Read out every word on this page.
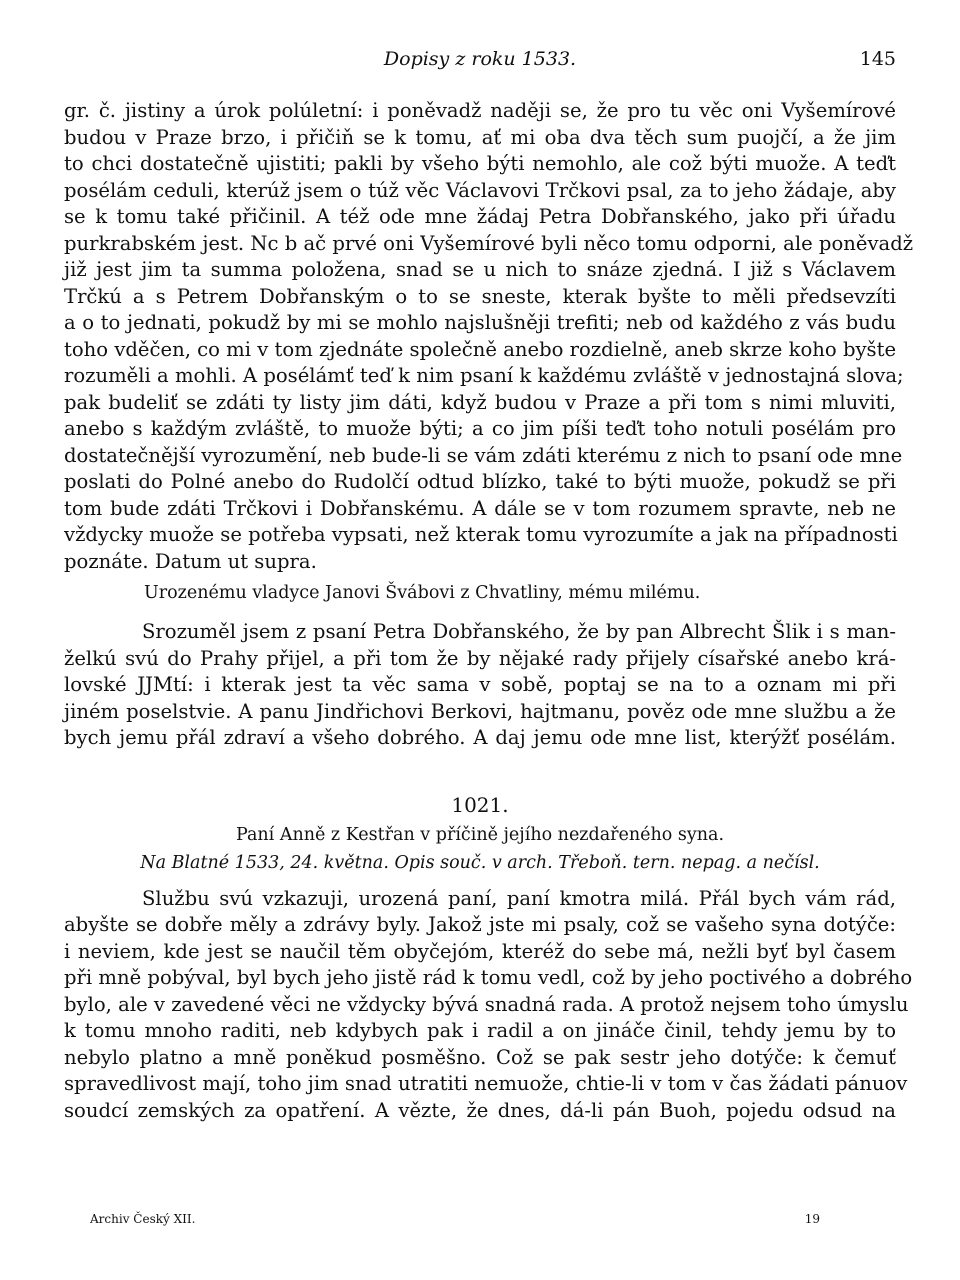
Dopisy z roku 1533.	145
gr. č. jistiny a úrok polúletní: i poněvadž naději se, že pro tu věc oni Vyšemírové
budou v Praze brzo, i přičiň se k tomu, ať mi oba dva těch sum puojčí, a že jim
to chci dostatečně ujistiti; pakli by všeho býti nemohlo, ale což býti muože. A teďt
posélám ceduli, kterúž jsem o túž věc Václavovi Trčkovi psal, za to jeho žádaje, aby
se k tomu také přičinil. A též ode mne žádaj Petra Dobřanského, jako při úřadu
purkrabském jest. Nc b ač prvé oni Vyšemírové byli něco tomu odporni, ale poněvadž
již jest jim ta summa položena, snad se u nich to snáze zjedná. I již s Václavem
Trčkú a s Petrem Dobřanským o to se sneste, kterak byšte to měli předsevzíti
a o to jednati, pokudž by mi se mohlo najslušněji trefiti; neb od každého z vás budu
toho vděčen, co mi v tom zjednáte společně anebo rozdielně, aneb skrze koho byšte
rozuměli a mohli. A posélámť teď k nim psaní k každému zvláště v jednostajná slova;
pak budeliť se zdáti ty listy jim dáti, když budou v Praze a při tom s nimi mluviti,
anebo s každým zvláště, to muože býti; a co jim píši teďt toho notuli posélám pro
dostatečnější vyrozumění, neb bude-li se vám zdáti kterému z nich to psaní ode mne
poslati do Polné anebo do Rudolčí odtud blízko, také to býti muože, pokudž se při
tom bude zdáti Trčkovi i Dobřanskému. A dále se v tom rozumem spravte, neb ne
vždycky muože se potřeba vypsati, než kterak tomu vyrozumíte a jak na případnosti
poznáte. Datum ut supra.
Urozenému vladyce Janovi Švábovi z Chvatliny, mému milému.
Srozuměl jsem z psaní Petra Dobřanského, že by pan Albrecht Šlik i s man-
želkú svú do Prahy přijel, a při tom že by nějaké rady přijely císařské anebo krá-
lovské JJMtí: i kterak jest ta věc sama v sobě, poptaj se na to a oznam mi při
jiném poselstvie. A panu Jindřichovi Berkovi, hajtmanu, pověz ode mne službu a že
bych jemu přál zdraví a všeho dobrého. A daj jemu ode mne list, kterýžť posélám.
1021.
Paní Anně z Kestřan v příčině jejího nezdařeného syna.
Na Blatné 1533, 24. května. Opis souč. v arch. Třeboň. tern. nepag. a nečísl.
Službu svú vzkazuji, urozená paní, paní kmotra milá. Přál bych vám rád,
abyšte se dobře měly a zdrávy byly. Jakož jste mi psaly, což se vašeho syna dotýče:
i neviem, kde jest se naučil těm obyčejóm, kteréž do sebe má, nežli byť byl časem
při mně pobýval, byl bych jeho jistě rád k tomu vedl, což by jeho poctivého a dobrého
bylo, ale v zavedené věci ne vždycky bývá snadná rada. A protož nejsem toho úmyslu
k tomu mnoho raditi, neb kdybych pak i radil a on jináče činil, tehdy jemu by to
nebylo platno a mně poněkud posměšno. Což se pak sestr jeho dotýče: k čemuť
spravedlivost mají, toho jim snad utratiti nemuože, chtie-li v tom v čas žádati pánuov
soudcí zemských za opatření. A vězte, že dnes, dá-li pán Buoh, pojedu odsud na
Archiv Český XII.	19
